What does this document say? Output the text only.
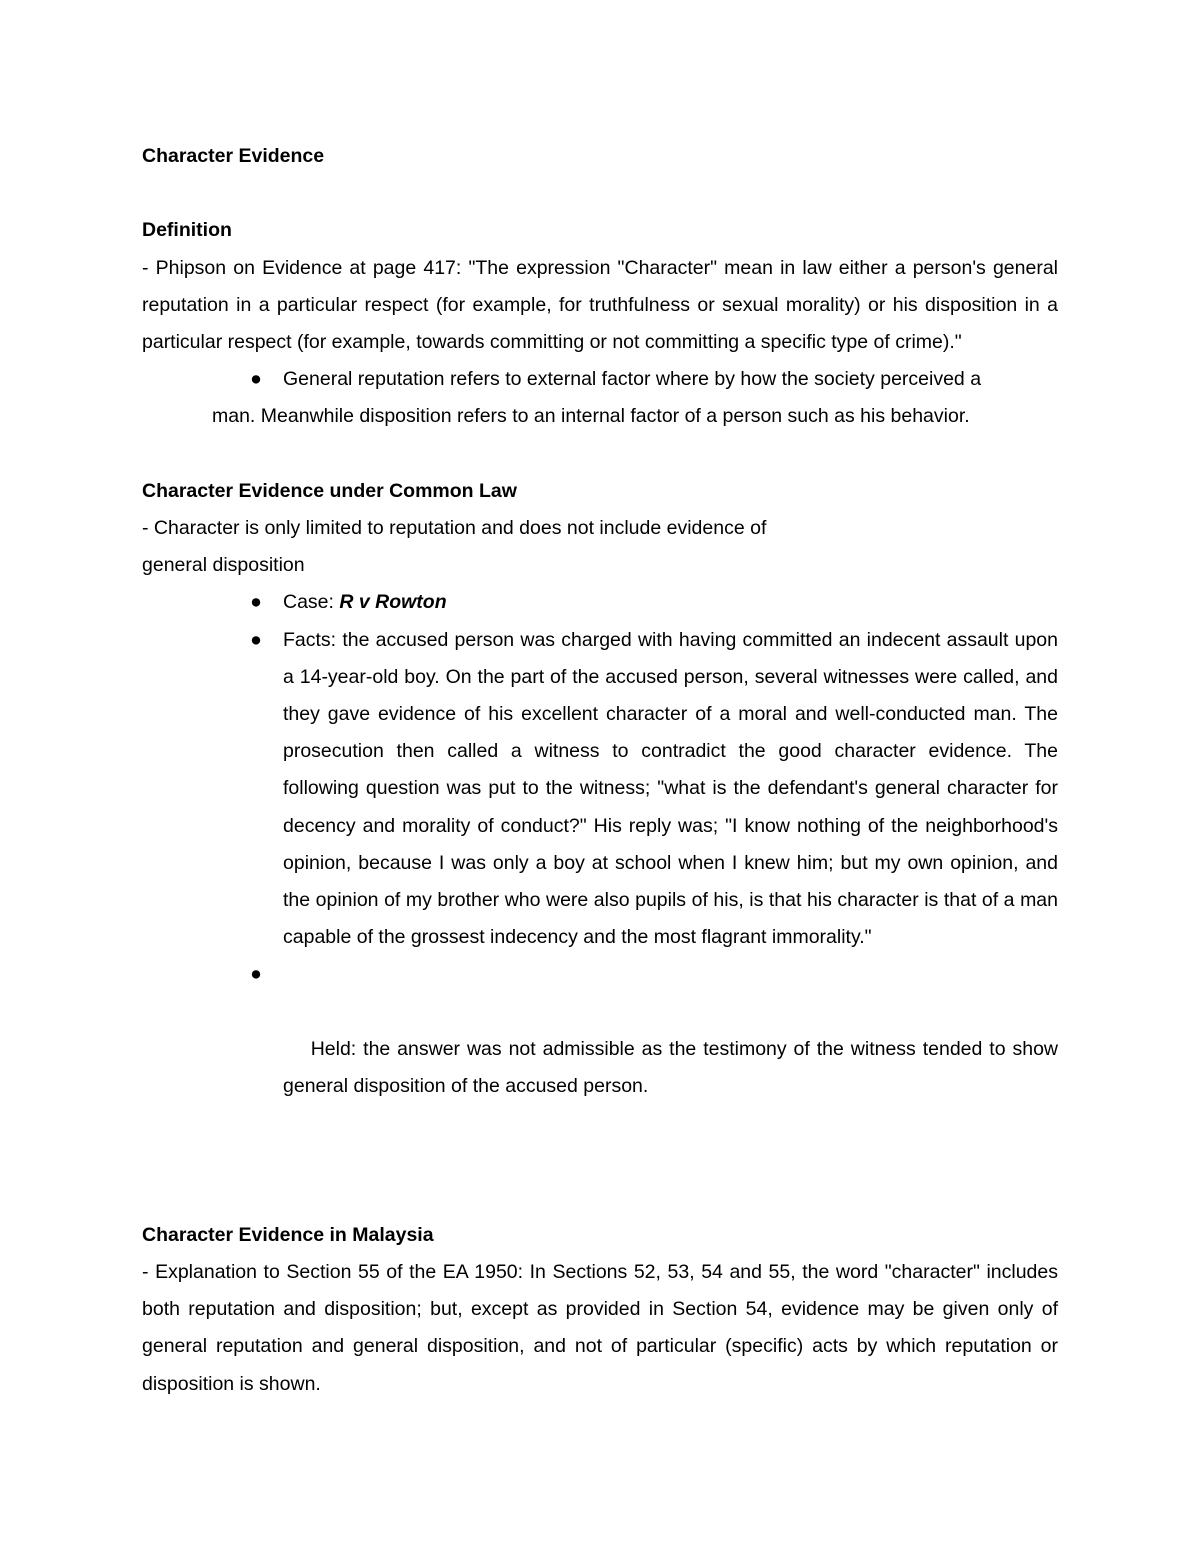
Character Evidence
Definition
- Phipson on Evidence at page 417: "The expression "Character" mean in law either a person's general reputation in a particular respect (for example, for truthfulness or sexual morality) or his disposition in a particular respect (for example, towards committing or not committing a specific type of crime)."
● General reputation refers to external factor where by how the society perceived a
man. Meanwhile disposition refers to an internal factor of a person such as his behavior.
Character Evidence under Common Law
- Character is only limited to reputation and does not include evidence of
general disposition
● Case: R v Rowton
● Facts: the accused person was charged with having committed an indecent assault upon a 14-year-old boy. On the part of the accused person, several witnesses were called, and they gave evidence of his excellent character of a moral and well-conducted man. The prosecution then called a witness to contradict the good character evidence. The following question was put to the witness; "what is the defendant's general character for decency and morality of conduct?" His reply was; "I know nothing of the neighborhood's opinion, because I was only a boy at school when I knew him; but my own opinion, and the opinion of my brother who were also pupils of his, is that his character is that of a man capable of the grossest indecency and the most flagrant immorality."

●

Held: the answer was not admissible as the testimony of the witness tended to show   general disposition of the accused person.

Character Evidence in Malaysia
- Explanation to Section 55 of the EA 1950: In Sections 52, 53, 54 and 55, the word "character" includes both reputation and disposition; but, except as provided in Section 54, evidence may be given only of general reputation and general disposition, and not of particular (specific) acts by which reputation or disposition is shown.
